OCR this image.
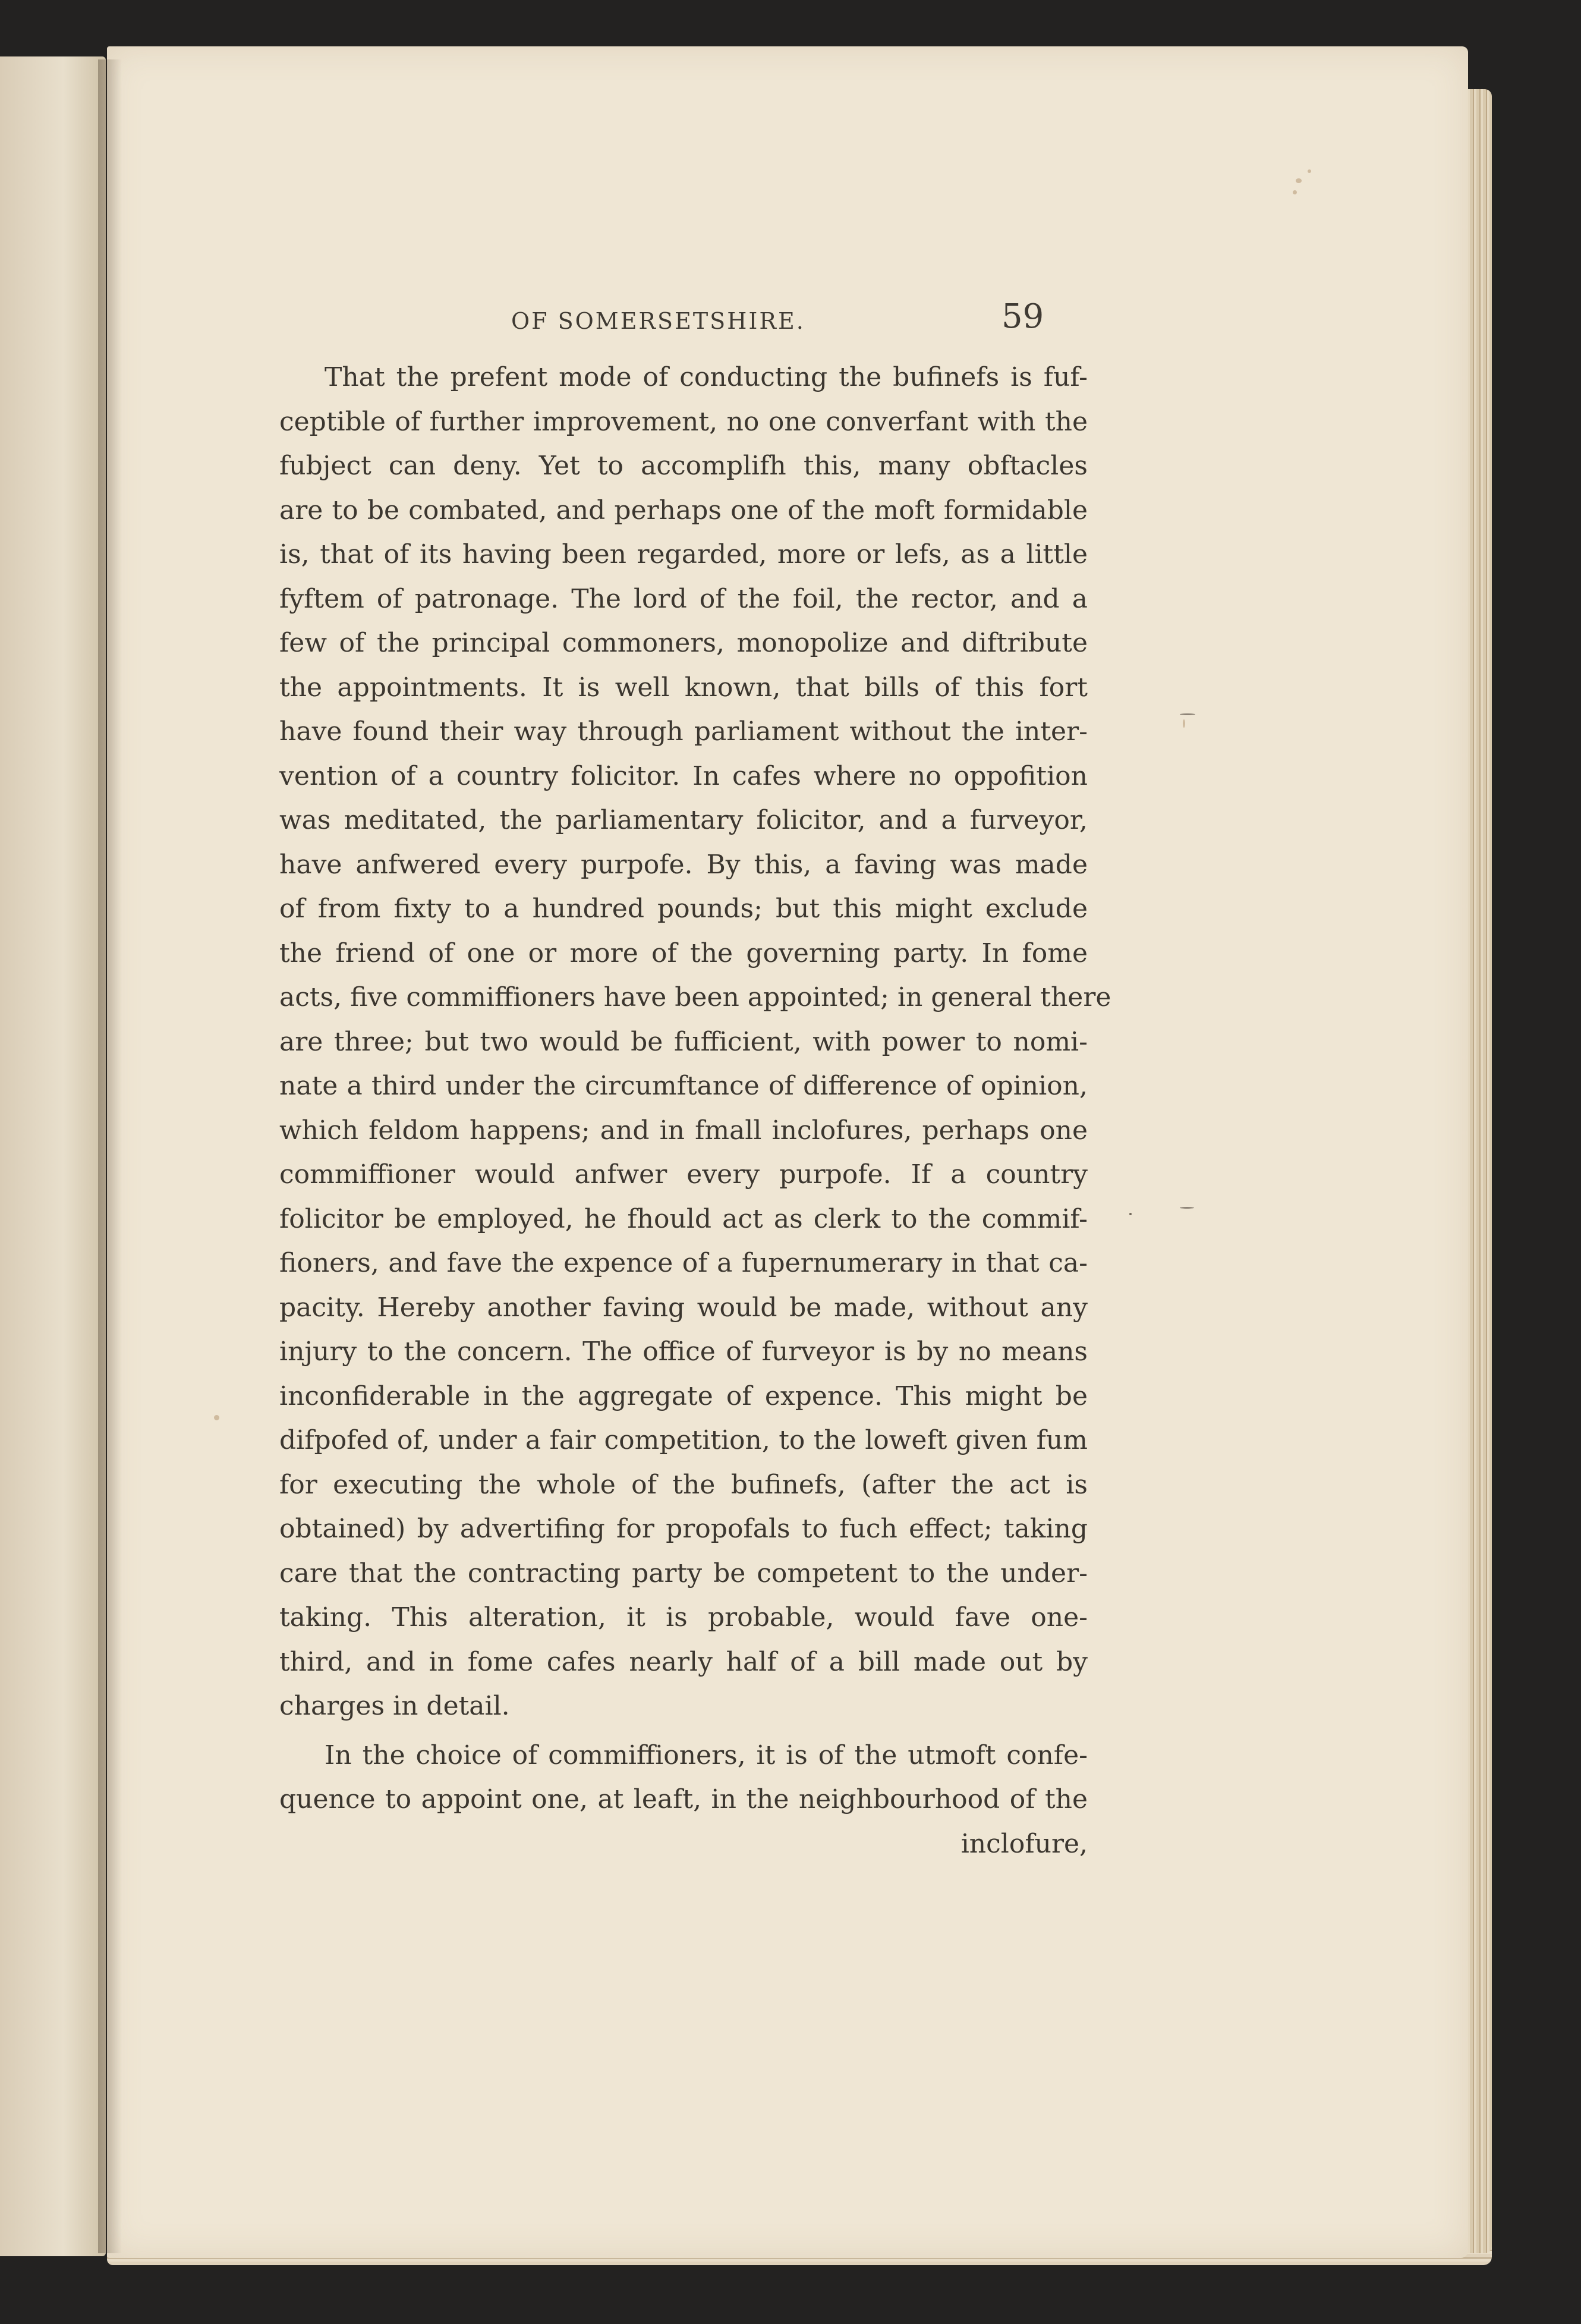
OF SOMERSETSHIRE.	59
That the prefent mode of conducting the bufinefs is fuf-
ceptible of further improvement, no one converfant with the
fubject can deny. Yet to accomplifh this, many obftacles
are to be combated, and perhaps one of the moft formidable
is, that of its having been regarded, more or lefs, as a little
fyftem of patronage. The lord of the foil, the rector, and a
few of the principal commoners, monopolize and diftribute
the appointments. It is well known, that bills of this fort
have found their way through parliament without the inter-
vention of a country folicitor. In cafes where no oppofition
was meditated, the parliamentary folicitor, and a furveyor,
have anfwered every purpofe. By this, a faving was made
of from fixty to a hundred pounds; but this might exclude
the friend of one or more of the governing party. In fome
acts, five commiffioners have been appointed; in general there
are three; but two would be fufficient, with power to nomi-
nate a third under the circumftance of difference of opinion,
which feldom happens; and in fmall inclofures, perhaps one
commiffioner would anfwer every purpofe. If a country
folicitor be employed, he fhould act as clerk to the commif-
fioners, and fave the expence of a fupernumerary in that ca-
pacity. Hereby another faving would be made, without any
injury to the concern. The office of furveyor is by no means
inconfiderable in the aggregate of expence. This might be
difpofed of, under a fair competition, to the loweft given fum
for executing the whole of the bufinefs, (after the act is
obtained) by advertifing for propofals to fuch effect; taking
care that the contracting party be competent to the under-
taking. This alteration, it is probable, would fave one-
third, and in fome cafes nearly half of a bill made out by
charges in detail.
In the choice of commiffioners, it is of the utmoft confe-
quence to appoint one, at leaft, in the neighbourhood of the
inclofure,
